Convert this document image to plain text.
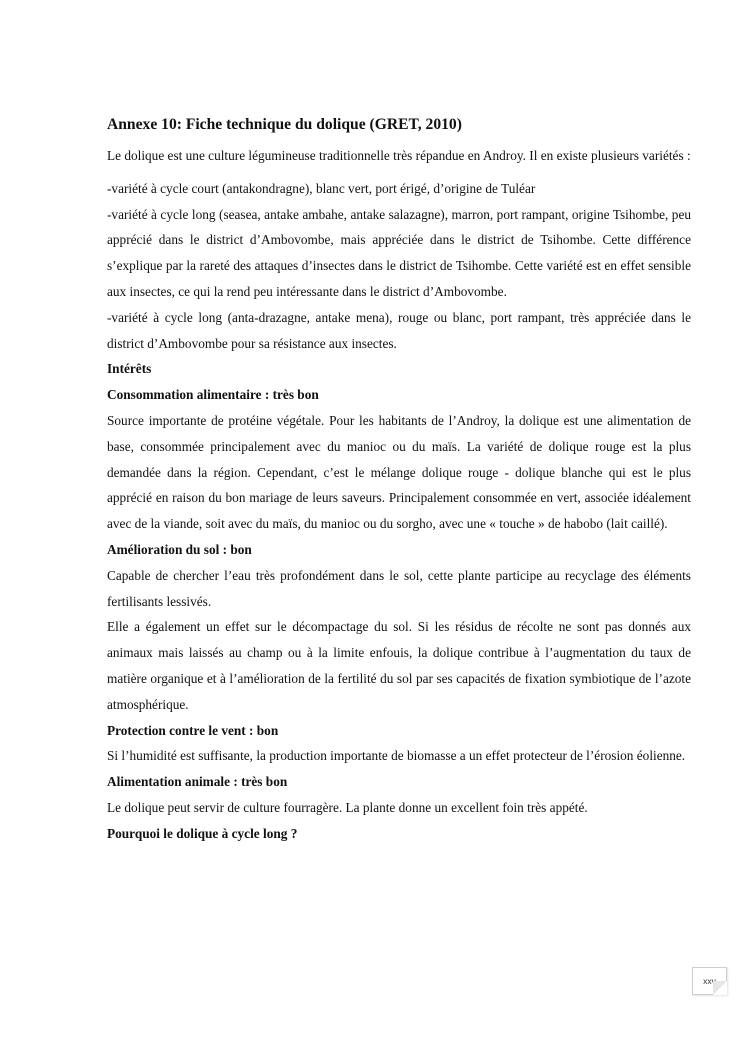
Annexe 10: Fiche technique du dolique (GRET, 2010)

Le dolique est une culture légumineuse traditionnelle très répandue en Androy. Il en existe plusieurs variétés :

-variété à cycle court (antakondragne), blanc vert, port érigé, d’origine de Tuléar

-variété à cycle long (seasea, antake ambahe, antake salazagne), marron, port rampant, origine Tsihombe, peu apprécié dans le district d’Ambovombe, mais appréciée dans le district de Tsihombe. Cette différence s’explique par la rareté des attaques d’insectes dans le district de Tsihombe. Cette variété est en effet sensible aux insectes, ce qui la rend peu intéressante dans le district d’Ambovombe.

-variété à cycle long (anta-drazagne, antake mena), rouge ou blanc, port rampant, très appréciée dans le district d’Ambovombe pour sa résistance aux insectes.

Intérêts
Consommation alimentaire : très bon

Source importante de protéine végétale. Pour les habitants de l’Androy, la dolique est une alimentation de base, consommée principalement avec du manioc ou du maïs. La variété de dolique rouge est la plus demandée dans la région. Cependant, c’est le mélange dolique rouge - dolique blanche qui est le plus apprécié en raison du bon mariage de leurs saveurs. Principalement consommée en vert, associée idéalement avec de la viande, soit avec du maïs, du manioc ou du sorgho, avec une « touche » de habobo (lait caillé).

Amélioration du sol : bon

Capable de chercher l’eau très profondément dans le sol, cette plante participe au recyclage des éléments fertilisants lessivés.

Elle a également un effet sur le décompactage du sol. Si les résidus de récolte ne sont pas donnés aux animaux mais laissés au champ ou à la limite enfouis, la dolique contribue à l’augmentation du taux de matière organique et à l’amélioration de la fertilité du sol par ses capacités de fixation symbiotique de l’azote atmosphérique.

Protection contre le vent : bon

Si l’humidité est suffisante, la production importante de biomasse a un effet protecteur de l’érosion éolienne.

Alimentation animale : très bon

Le dolique peut servir de culture fourragère. La plante donne un excellent foin très appété.

Pourquoi le dolique à cycle long ?
xxv
